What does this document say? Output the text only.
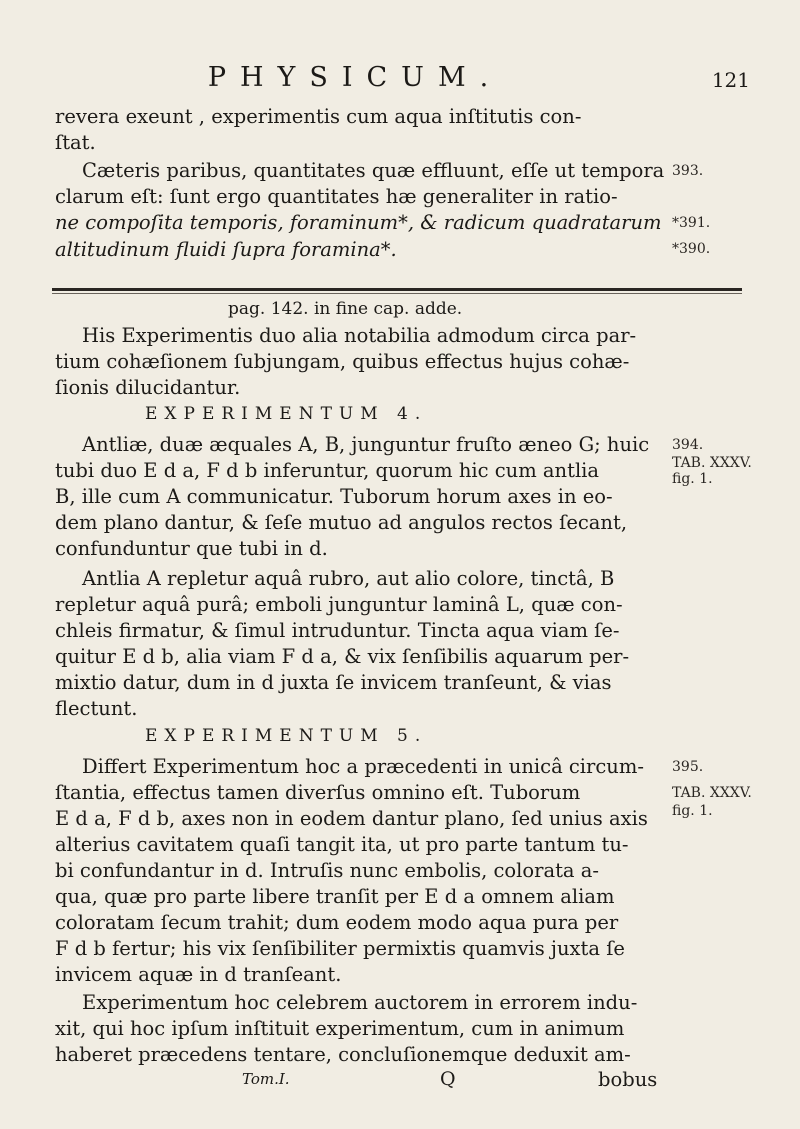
PHYSICUM.	121
revera exeunt , experimentis cum aqua inſtitutis con-
ſtat.
Cæteris paribus, quantitates quæ effluunt, eſſe ut tempora
clarum eſt: ſunt ergo quantitates hæ generaliter in ratio-
ne compoſita temporis, foraminum*, & radicum quadratarum
altitudinum fluidi ſupra foramina*.
pag. 142. in fine cap. adde.
His Experimentis duo alia notabilia admodum circa par-
tium cohæſionem ſubjungam, quibus effectus hujus cohæ-
ſionis dilucidantur.
EXPERIMENTUM 4.
Antliæ, duæ æquales A, B, junguntur fruſto æneo G; huic
tubi duo E d a, F d b inferuntur, quorum hic cum antlia
B, ille cum A communicatur. Tuborum horum axes in eo-
dem plano dantur, & ſeſe mutuo ad angulos rectos ſecant,
confunduntur que tubi in d.
Antlia A repletur aquâ rubro, aut alio colore, tinctâ, B
repletur aquâ purâ; emboli junguntur laminâ L, quæ con-
chleis firmatur, & ſimul intruduntur. Tincta aqua viam ſe-
quitur E d b, alia viam F d a, & vix ſenſibilis aquarum per-
mixtio datur, dum in d juxta ſe invicem tranſeunt, & vias
flectunt.
EXPERIMENTUM 5.
Differt Experimentum hoc a præcedenti in unicâ circum-
ſtantia, effectus tamen diverſus omnino eſt. Tuborum
E d a, F d b, axes non in eodem dantur plano, ſed unius axis
alterius cavitatem quaſi tangit ita, ut pro parte tantum tu-
bi confundantur in d. Intruſis nunc embolis, colorata a-
qua, quæ pro parte libere tranſit per E d a omnem aliam
coloratam ſecum trahit; dum eodem modo aqua pura per
F d b fertur; his vix ſenſibiliter permixtis quamvis juxta ſe
invicem aquæ in d tranſeant.
Experimentum hoc celebrem auctorem in errorem indu-
xit, qui hoc ipſum inſtituit experimentum, cum in animum
haberet præcedens tentare, concluſionemque deduxit am-
393.
*391.
*390.
394.
TAB. XXXV.
fig. 1.
395.
TAB. XXXV.
fig. 1.
Tom.I.	Q	bobus
